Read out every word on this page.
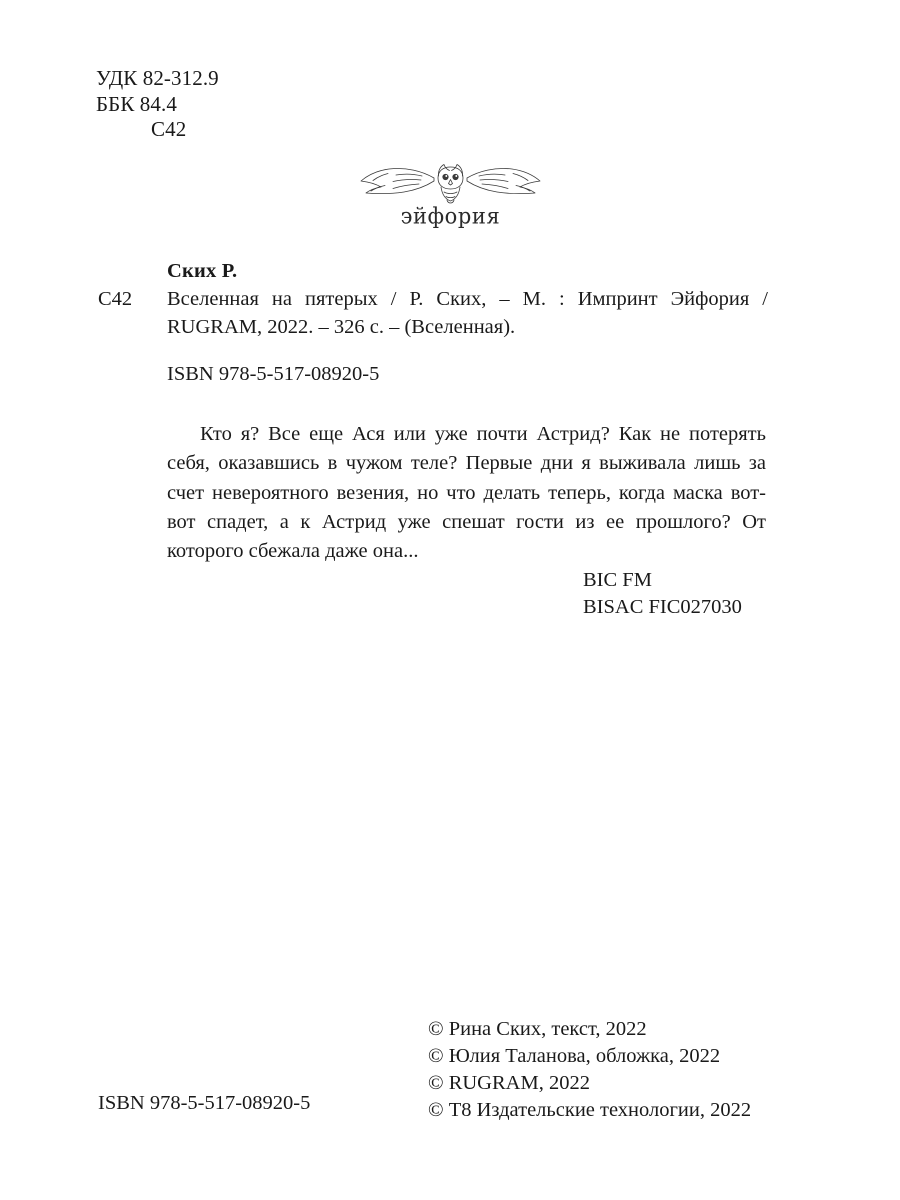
УДК 82-312.9
ББК 84.4
С42
эйфория
Ских Р.
С42	Вселенная на пятерых / Р. Ских, – М. : Импринт Эйфория / RUGRAM, 2022. – 326 с. – (Вселенная).
ISBN 978-5-517-08920-5
Кто я? Все еще Ася или уже почти Астрид? Как не потерять себя, оказавшись в чужом теле? Первые дни я выживала лишь за счет невероятного везения, но что делать теперь, когда маска вот-вот спадет, а к Астрид уже спешат гости из ее прошлого? От которого сбежала даже она...
BIC FM
BISAC FIC027030
© Рина Ских, текст, 2022
© Юлия Таланова, обложка, 2022
© RUGRAM, 2022
© Т8 Издательские технологии, 2022
ISBN 978-5-517-08920-5
